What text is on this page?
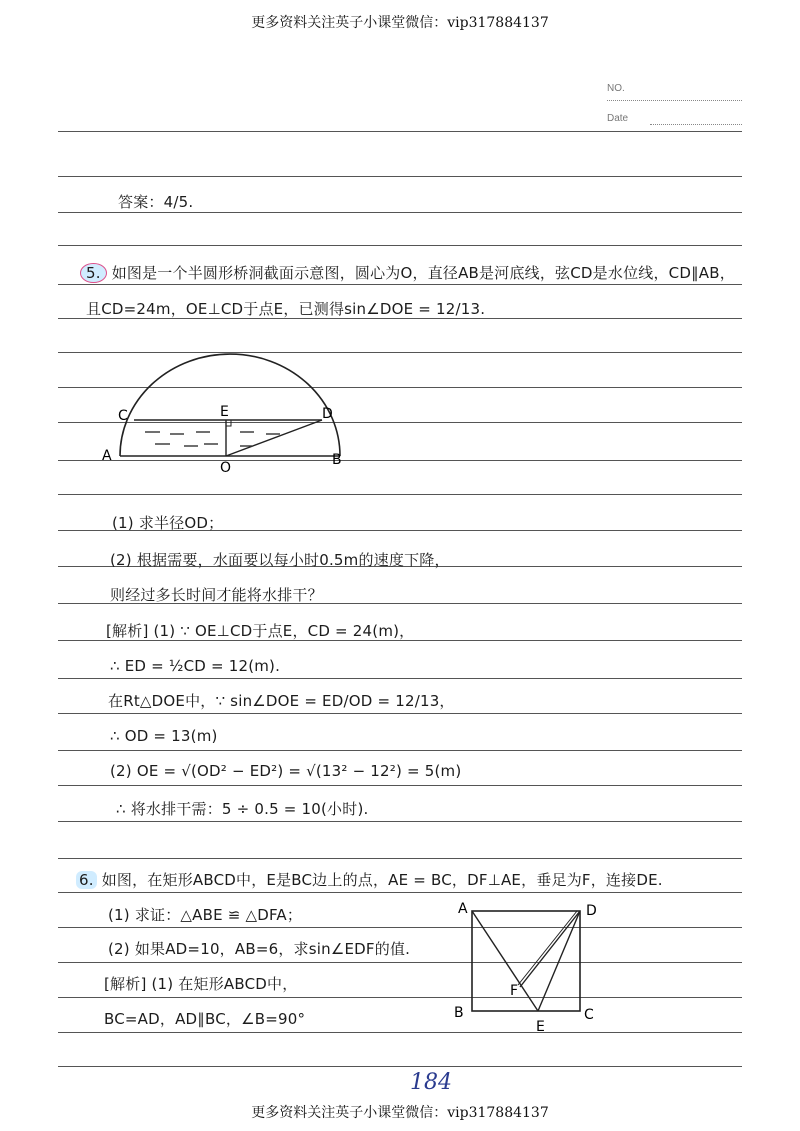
更多资料关注英子小课堂微信：vip317884137
NO.
Date
答案：4/5.
5. 如图是一个半圆形桥洞截面示意图，圆心为O，直径AB是河底线，弦CD是水位线，CD∥AB，
且CD=24m，OE⊥CD于点E，已测得sin∠DOE = 12/13.
C	D
E
A	B
O
(1) 求半径OD；
(2) 根据需要，水面要以每小时0.5m的速度下降，
则经过多长时间才能将水排干？
[解析] (1) ∵ OE⊥CD于点E，CD = 24(m)，
∴ ED = ½CD = 12(m).
在Rt△DOE中，∵ sin∠DOE = ED/OD = 12/13，
∴ OD = 13(m)
(2) OE = √(OD² − ED²) = √(13² − 12²) = 5(m)
∴ 将水排干需：5 ÷ 0.5 = 10(小时).
6. 如图，在矩形ABCD中，E是BC边上的点，AE = BC，DF⊥AE，垂足为F，连接DE.
(1) 求证：△ABE ≌ △DFA；
(2) 如果AD=10，AB=6，求sin∠EDF的值.
[解析] (1) 在矩形ABCD中，
BC=AD，AD∥BC，∠B=90°
A	D
B	C
E
F
184
更多资料关注英子小课堂微信：vip317884137
